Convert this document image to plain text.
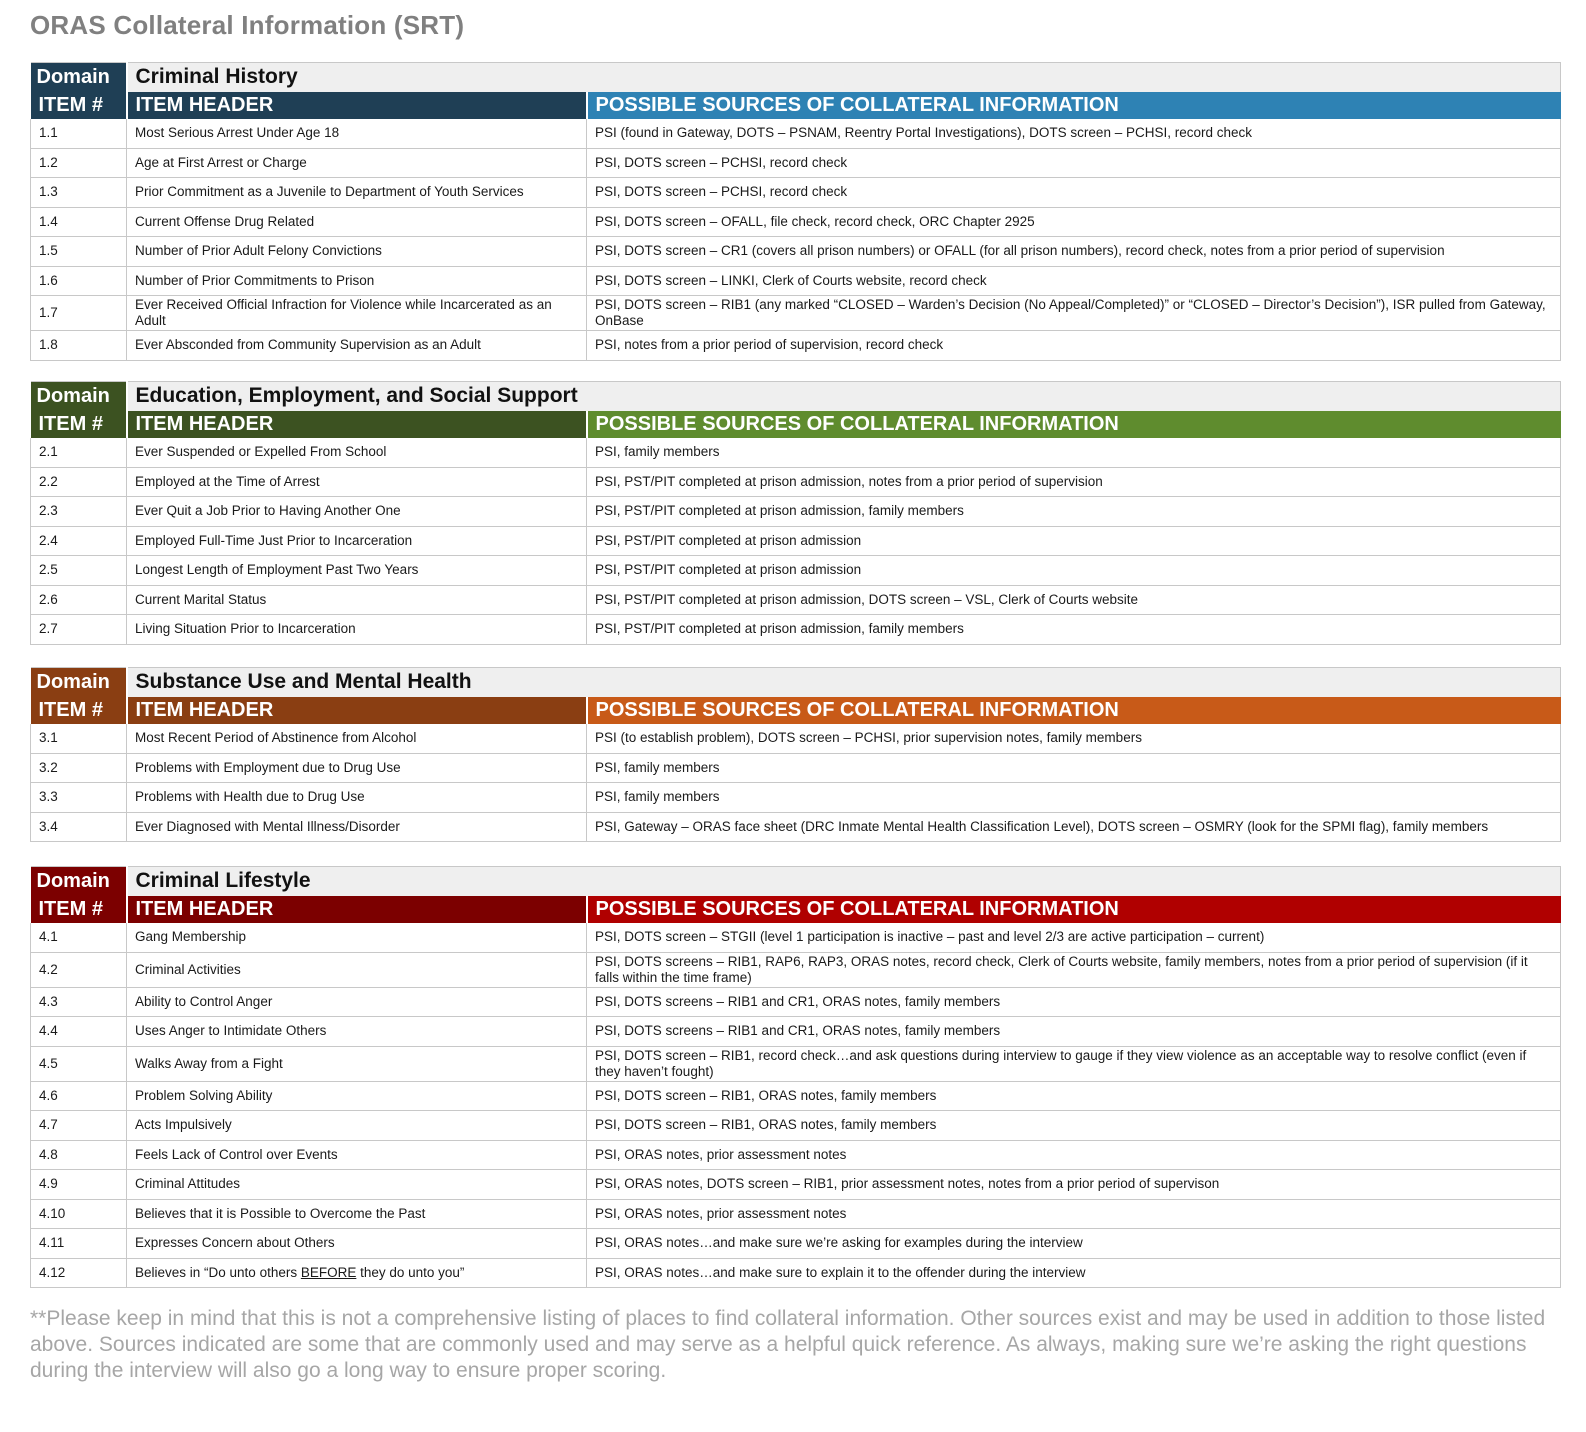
ORAS Collateral Information (SRT)
Domain	Criminal History	
ITEM #	ITEM HEADER	POSSIBLE SOURCES OF COLLATERAL INFORMATION
1.1	Most Serious Arrest Under Age 18	PSI (found in Gateway, DOTS – PSNAM, Reentry Portal Investigations), DOTS screen – PCHSI, record check
1.2	Age at First Arrest or Charge	PSI, DOTS screen – PCHSI, record check
1.3	Prior Commitment as a Juvenile to Department of Youth Services	PSI, DOTS screen – PCHSI, record check
1.4	Current Offense Drug Related	PSI, DOTS screen – OFALL, file check, record check, ORC Chapter 2925
1.5	Number of Prior Adult Felony Convictions	PSI, DOTS screen – CR1 (covers all prison numbers) or OFALL (for all prison numbers), record check, notes from a prior period of supervision
1.6	Number of Prior Commitments to Prison	PSI, DOTS screen – LINKI, Clerk of Courts website, record check
1.7	Ever Received Official Infraction for Violence while Incarcerated as an Adult	PSI, DOTS screen – RIB1 (any marked “CLOSED – Warden’s Decision (No Appeal/Completed)” or “CLOSED – Director’s Decision”), ISR pulled from Gateway, OnBase
1.8	Ever Absconded from Community Supervision as an Adult	PSI, notes from a prior period of supervision, record check
Domain	Education, Employment, and Social Support	
ITEM #	ITEM HEADER	POSSIBLE SOURCES OF COLLATERAL INFORMATION
2.1	Ever Suspended or Expelled From School	PSI, family members
2.2	Employed at the Time of Arrest	PSI, PST/PIT completed at prison admission, notes from a prior period of supervision
2.3	Ever Quit a Job Prior to Having Another One	PSI, PST/PIT completed at prison admission, family members
2.4	Employed Full-Time Just Prior to Incarceration	PSI, PST/PIT completed at prison admission
2.5	Longest Length of Employment Past Two Years	PSI, PST/PIT completed at prison admission
2.6	Current Marital Status	PSI, PST/PIT completed at prison admission, DOTS screen – VSL, Clerk of Courts website
2.7	Living Situation Prior to Incarceration	PSI, PST/PIT completed at prison admission, family members
Domain	Substance Use and Mental Health	
ITEM #	ITEM HEADER	POSSIBLE SOURCES OF COLLATERAL INFORMATION
3.1	Most Recent Period of Abstinence from Alcohol	PSI (to establish problem), DOTS screen – PCHSI, prior supervision notes, family members
3.2	Problems with Employment due to Drug Use	PSI, family members
3.3	Problems with Health due to Drug Use	PSI, family members
3.4	Ever Diagnosed with Mental Illness/Disorder	PSI, Gateway – ORAS face sheet (DRC Inmate Mental Health Classification Level), DOTS screen – OSMRY (look for the SPMI flag), family members
Domain	Criminal Lifestyle	
ITEM #	ITEM HEADER	POSSIBLE SOURCES OF COLLATERAL INFORMATION
4.1	Gang Membership	PSI, DOTS screen – STGII (level 1 participation is inactive – past and level 2/3 are active participation – current)
4.2	Criminal Activities	PSI, DOTS screens – RIB1, RAP6, RAP3, ORAS notes, record check, Clerk of Courts website, family members, notes from a prior period of supervision (if it falls within the time frame)
4.3	Ability to Control Anger	PSI, DOTS screens – RIB1 and CR1, ORAS notes, family members
4.4	Uses Anger to Intimidate Others	PSI, DOTS screens – RIB1 and CR1, ORAS notes, family members
4.5	Walks Away from a Fight	PSI, DOTS screen – RIB1, record check…and ask questions during interview to gauge if they view violence as an acceptable way to resolve conflict (even if they haven’t fought)
4.6	Problem Solving Ability	PSI, DOTS screen – RIB1, ORAS notes, family members
4.7	Acts Impulsively	PSI, DOTS screen – RIB1, ORAS notes, family members
4.8	Feels Lack of Control over Events	PSI, ORAS notes, prior assessment notes
4.9	Criminal Attitudes	PSI, ORAS notes, DOTS screen – RIB1, prior assessment notes, notes from a prior period of supervison
4.10	Believes that it is Possible to Overcome the Past	PSI, ORAS notes, prior assessment notes
4.11	Expresses Concern about Others	PSI, ORAS notes…and make sure we’re asking for examples during the interview
4.12	Believes in “Do unto others BEFORE they do unto you”	PSI, ORAS notes…and make sure to explain it to the offender during the interview

**Please keep in mind that this is not a comprehensive listing of places to find collateral information. Other sources exist and may be used in addition to those listed above. Sources indicated are some that are commonly used and may serve as a helpful quick reference. As always, making sure we’re asking the right questions during the interview will also go a long way to ensure proper scoring.
